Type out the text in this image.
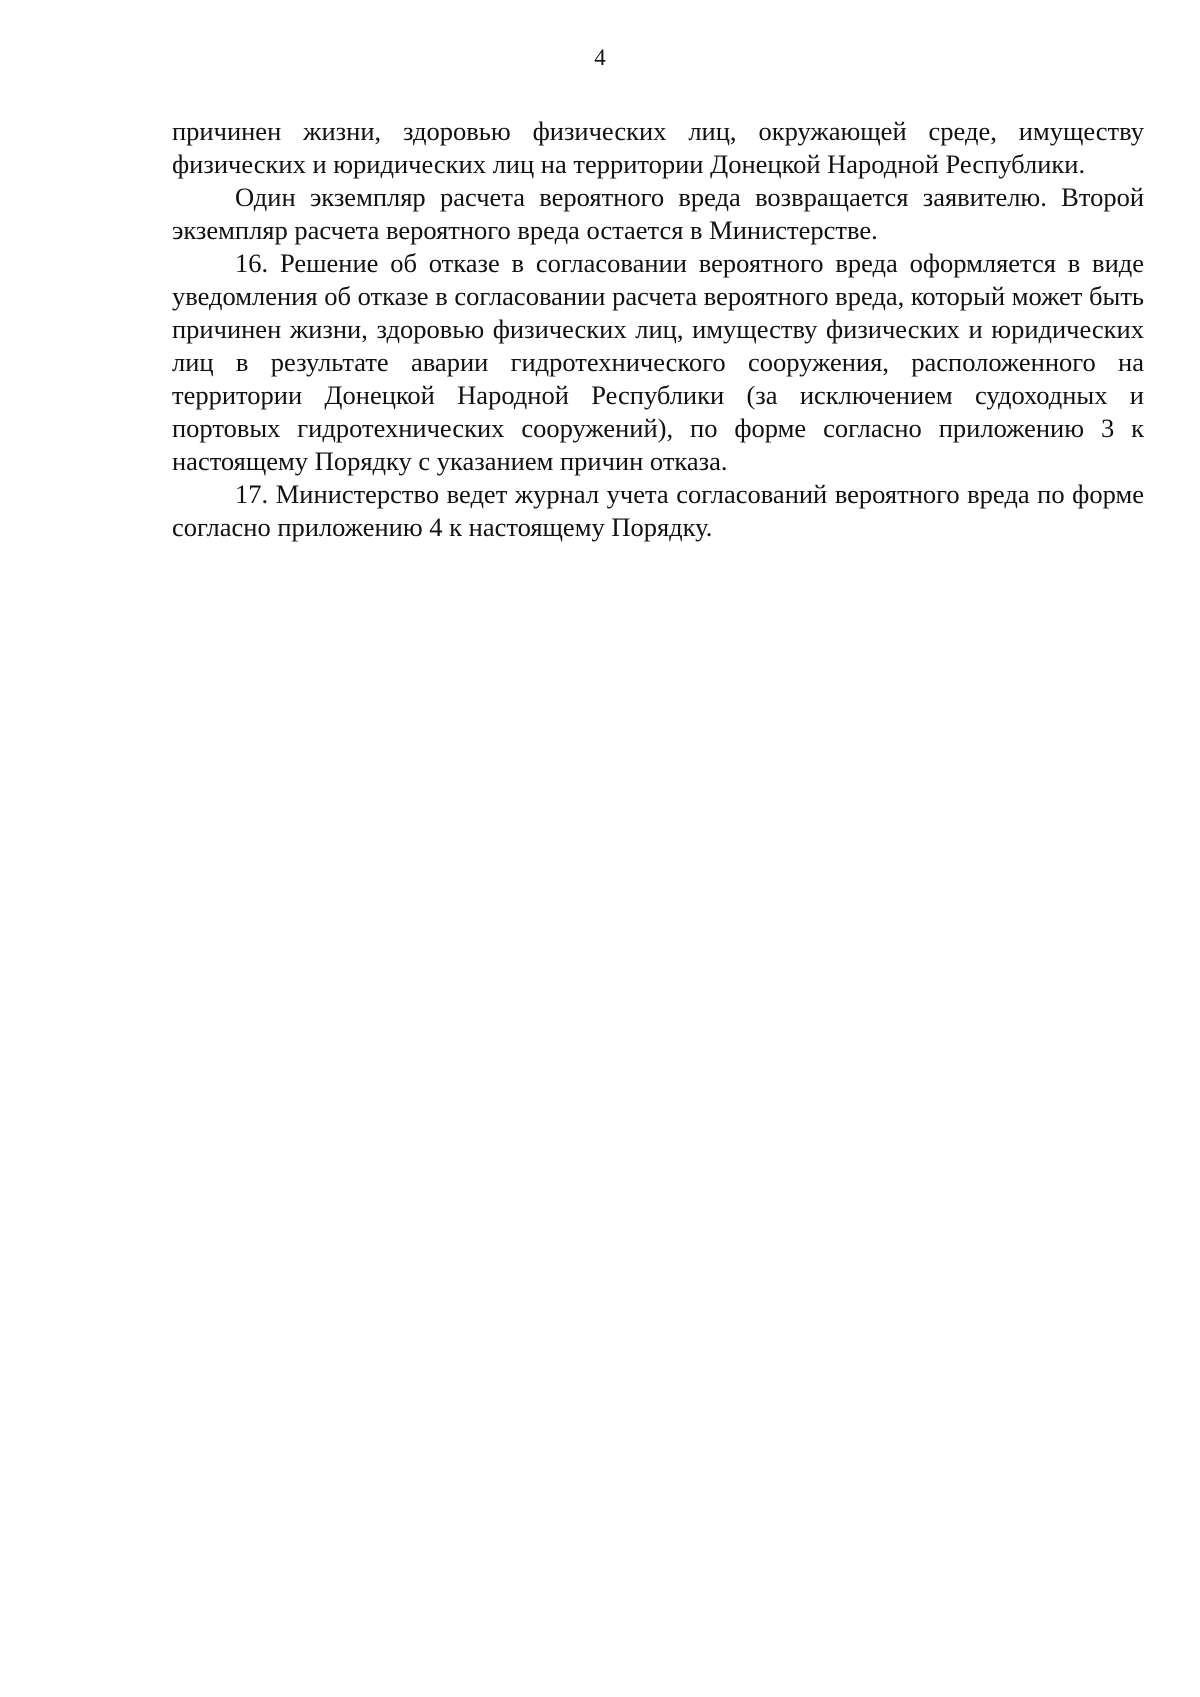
4

причинен жизни, здоровью физических лиц, окружающей среде, имуществу физических и юридических лиц на территории Донецкой Народной Республики.

Один экземпляр расчета вероятного вреда возвращается заявителю. Второй экземпляр расчета вероятного вреда остается в Министерстве.

16. Решение об отказе в согласовании вероятного вреда оформляется в виде уведомления об отказе в согласовании расчета вероятного вреда, который может быть причинен жизни, здоровью физических лиц, имуществу физических и юридических лиц в результате аварии гидротехнического сооружения, расположенного на территории Донецкой Народной Республики (за исключением судоходных и портовых гидротехнических сооружений), по форме согласно приложению 3 к настоящему Порядку с указанием причин отказа.

17. Министерство ведет журнал учета согласований вероятного вреда по форме согласно приложению 4 к настоящему Порядку.
